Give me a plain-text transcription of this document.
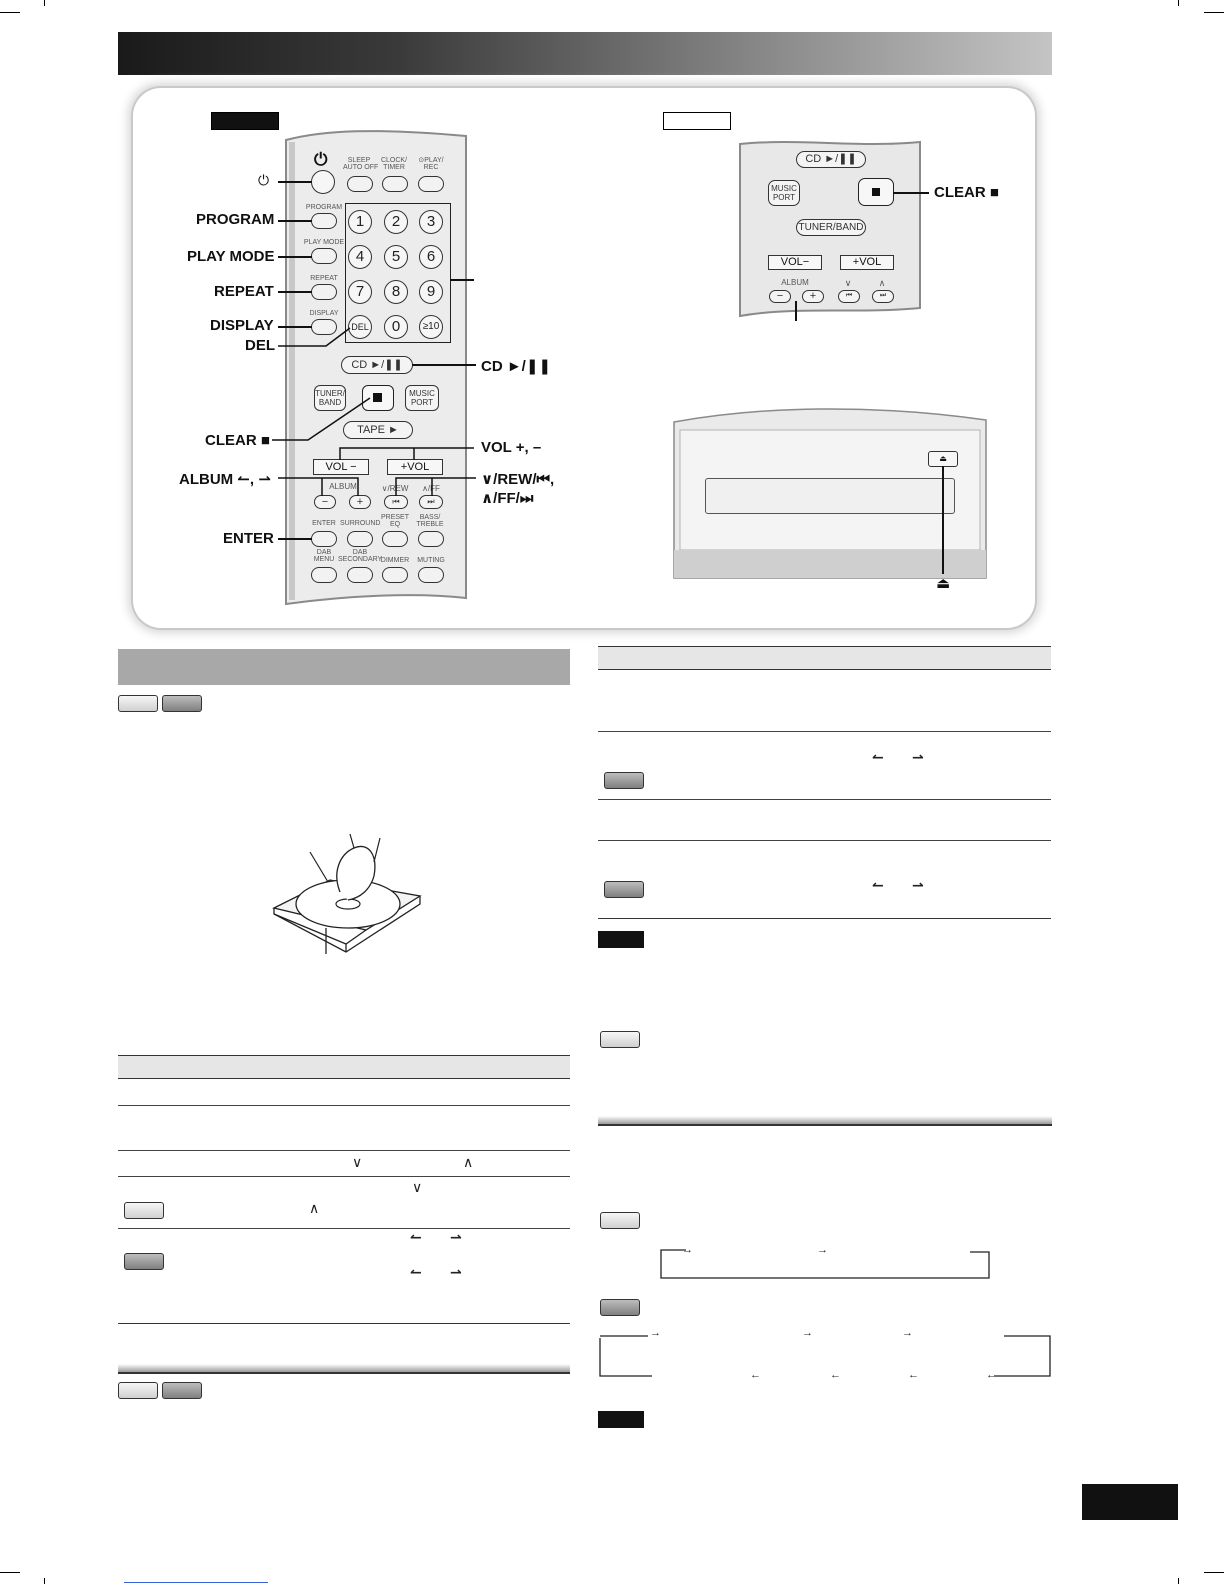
⏻	SLEEP
AUTO OFF
CLOCK/
TIMER
⊙PLAY/
REC
PROGRAM
PLAY MODE
REPEAT
DISPLAY
1	2	3
4	5	6
7	8	9
DEL	0	≥10
CD ►/❚❚
TUNER/
BAND
MUSIC
PORT
TAPE ►
VOL −	+VOL
ALBUM
−	+
∨/REW	∧/FF
⏮	⏭
ENTER SURROUND
PRESET
EQ
BASS/
TREBLE
DAB
MENU
DAB
SECONDARY
DIMMER	MUTING
⏻
PROGRAM
PLAY MODE
REPEAT
DISPLAY
DEL
CLEAR ■
ALBUM ↼, ⇀
ENTER
CD ►/❚❚
VOL +, –
∨/REW/⏮,
∧/FF/⏭
CD ►/❚❚
MUSIC
PORT	CLEAR ■
TUNER/BAND
VOL−	+VOL
ALBUM
−	+	⏮	⏭
∨	∧
⏏
⏏
∨	∧
∨
∧
↼ ⇀
↼ ⇀
↼ ⇀
↼ ⇀
→	→
→	→	→
←	←	←	←
